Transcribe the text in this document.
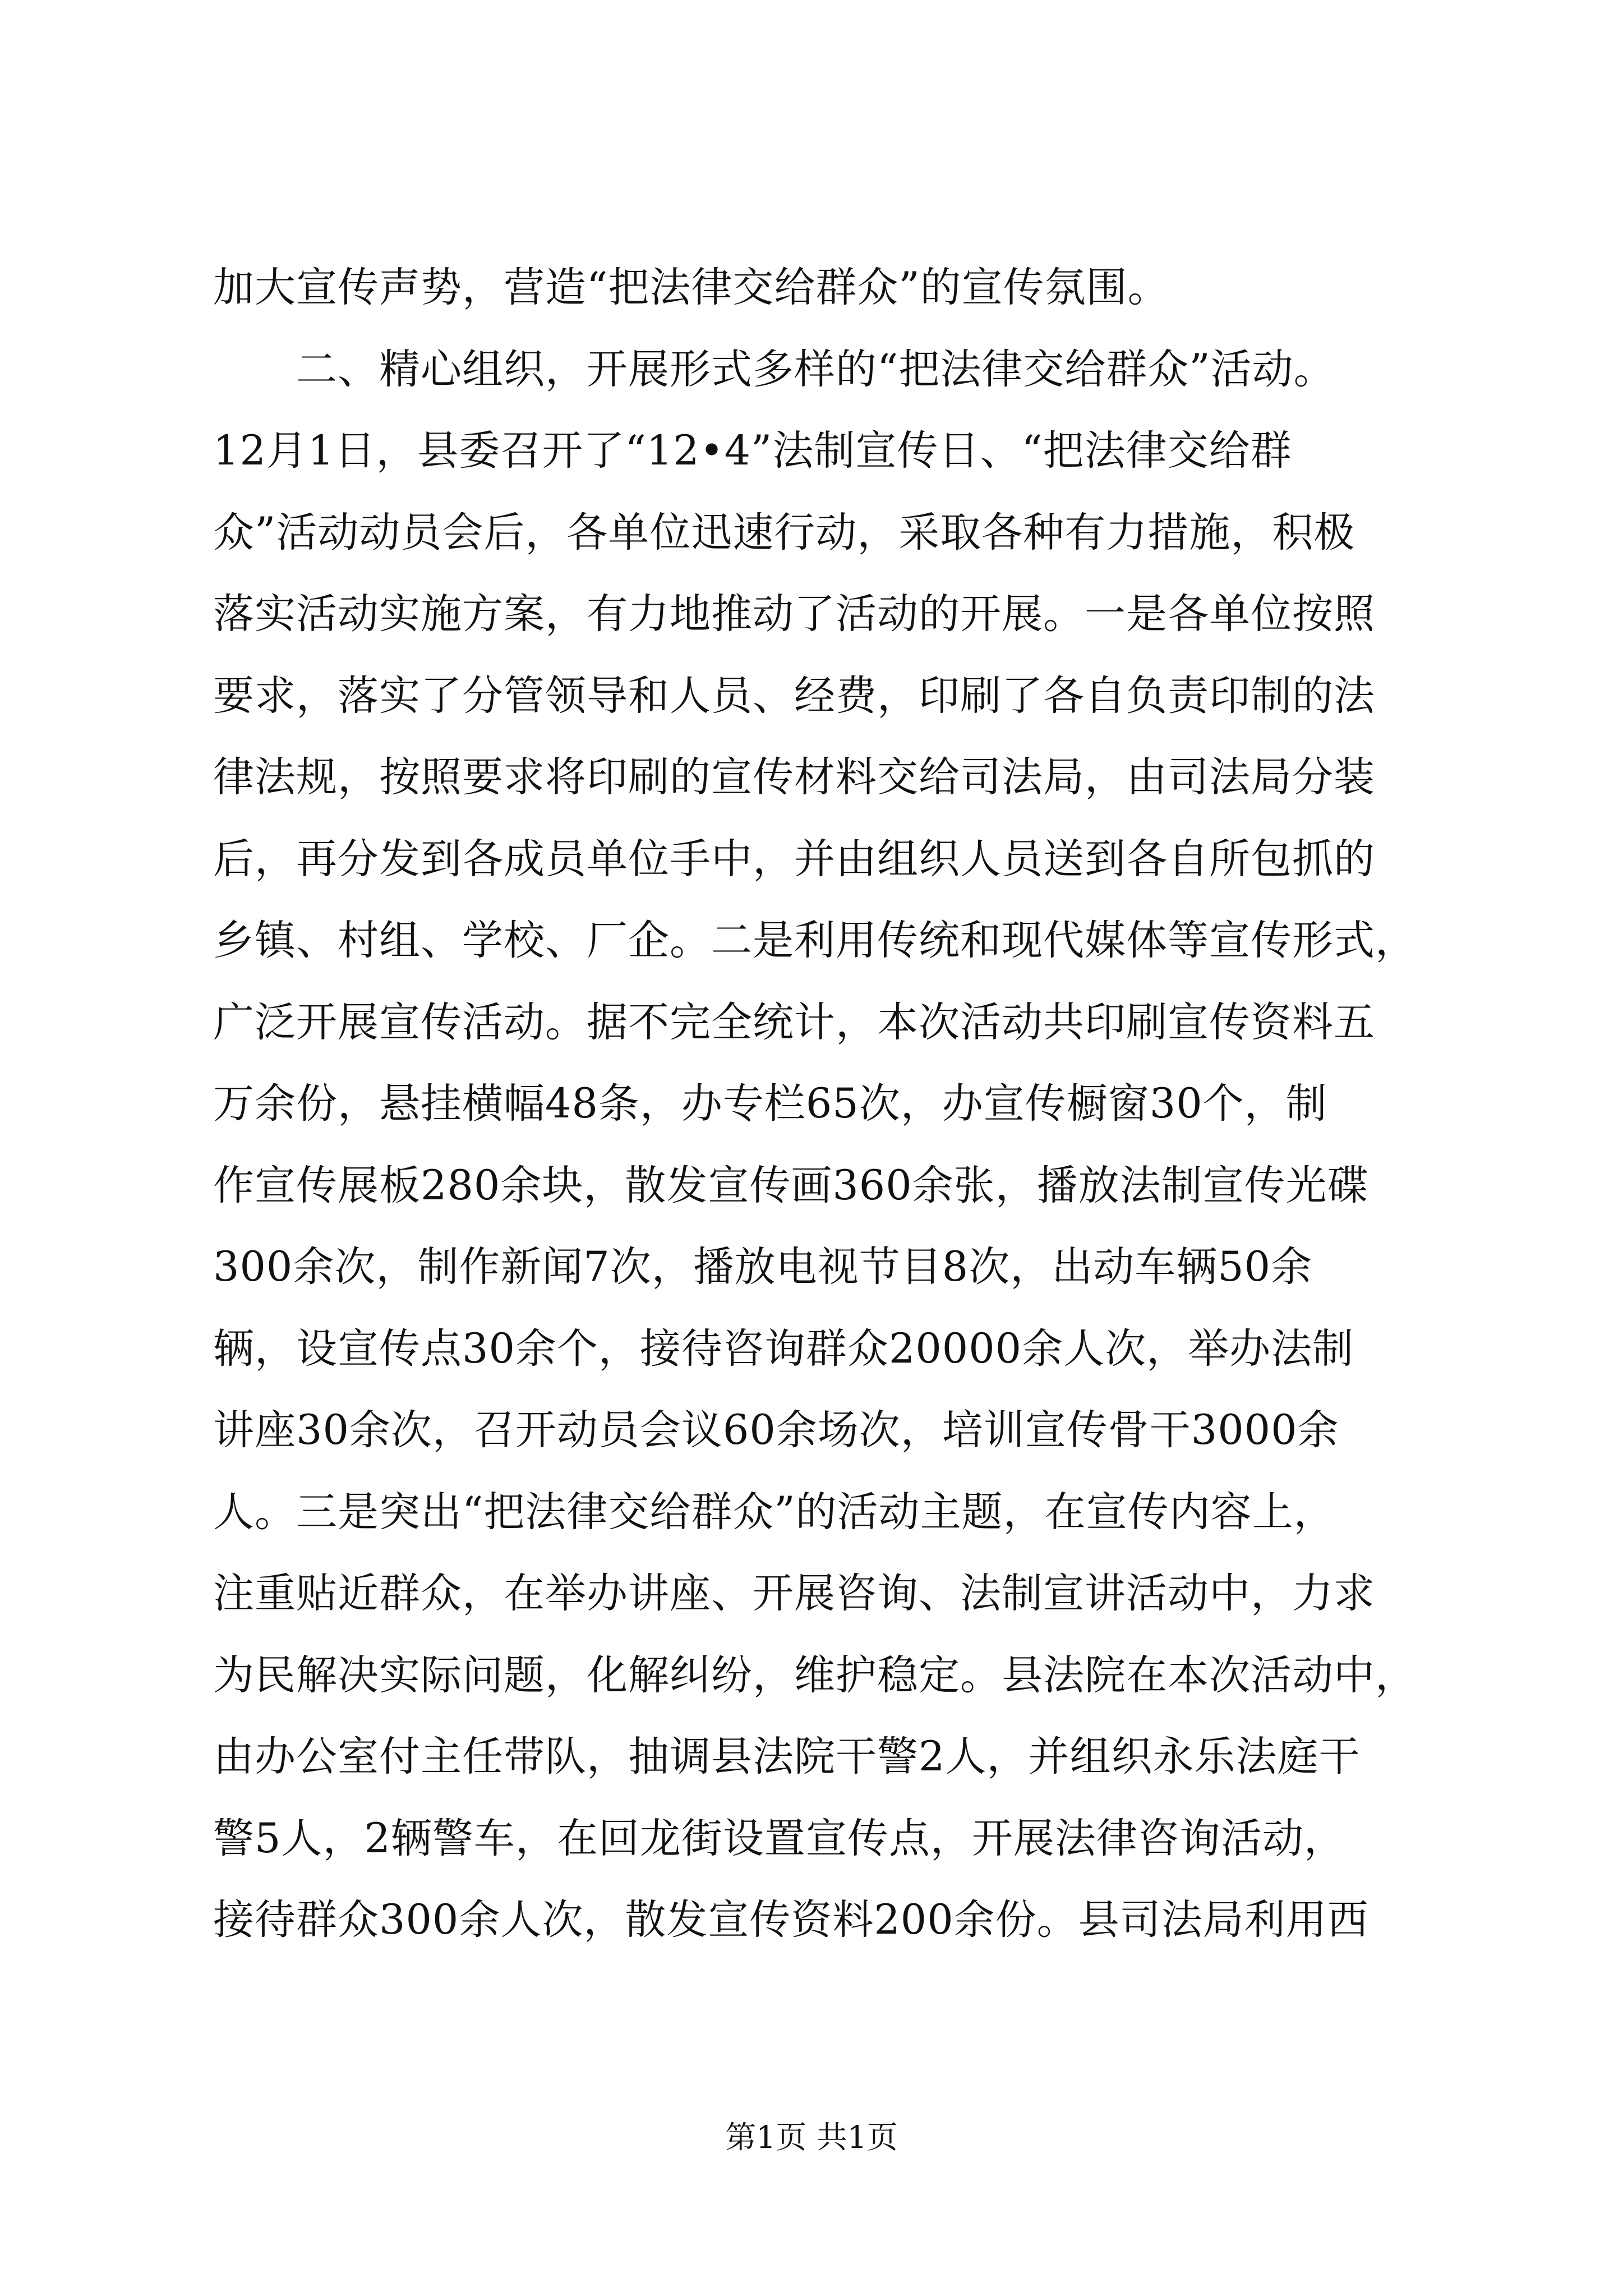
加大宣传声势，营造“把法律交给群众”的宣传氛围。
　　二、精心组织，开展形式多样的“把法律交给群众”活动。
12月1日，县委召开了“12•4”法制宣传日、“把法律交给群
众”活动动员会后，各单位迅速行动，采取各种有力措施，积极
落实活动实施方案，有力地推动了活动的开展。一是各单位按照
要求，落实了分管领导和人员、经费，印刷了各自负责印制的法
律法规，按照要求将印刷的宣传材料交给司法局，由司法局分装
后，再分发到各成员单位手中，并由组织人员送到各自所包抓的
乡镇、村组、学校、厂企。二是利用传统和现代媒体等宣传形式，
广泛开展宣传活动。据不完全统计，本次活动共印刷宣传资料五
万余份，悬挂横幅48条，办专栏65次，办宣传橱窗30个，制
作宣传展板280余块，散发宣传画360余张，播放法制宣传光碟
300余次，制作新闻7次，播放电视节目8次，出动车辆50余
辆，设宣传点30余个，接待咨询群众20000余人次，举办法制
讲座30余次，召开动员会议60余场次，培训宣传骨干3000余
人。三是突出“把法律交给群众”的活动主题，在宣传内容上，
注重贴近群众，在举办讲座、开展咨询、法制宣讲活动中，力求
为民解决实际问题，化解纠纷，维护稳定。县法院在本次活动中，
由办公室付主任带队，抽调县法院干警2人，并组织永乐法庭干
警5人，2辆警车，在回龙街设置宣传点，开展法律咨询活动，
接待群众300余人次，散发宣传资料200余份。县司法局利用西
第1页 共1页
